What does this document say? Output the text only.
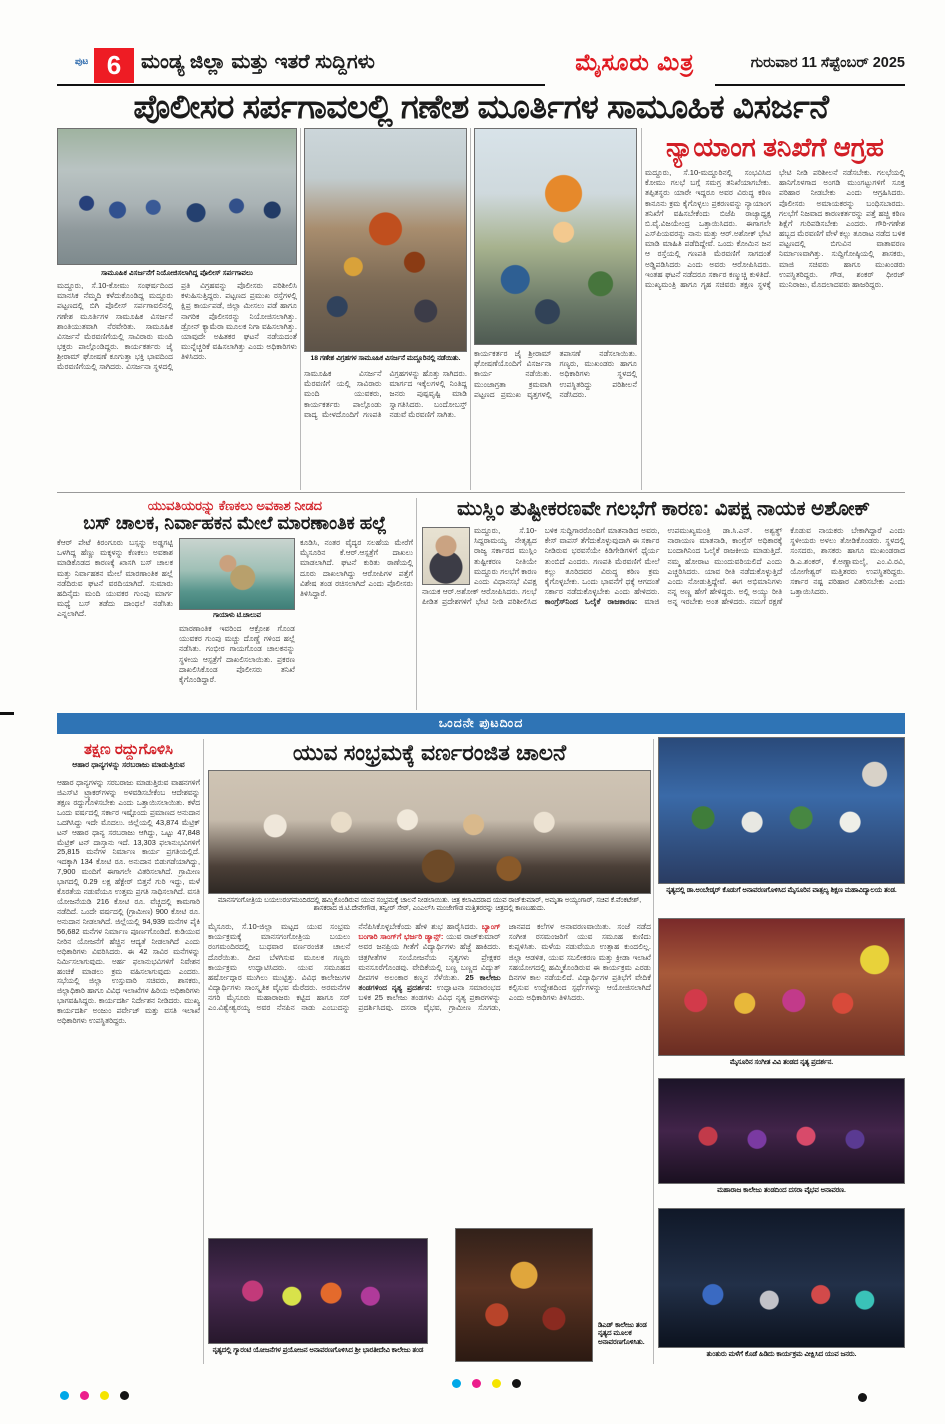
ಪುಟ 6 ಮಂಡ್ಯ ಜಿಲ್ಲಾ ಮತ್ತು ಇತರೆ ಸುದ್ದಿಗಳು	ಮೈಸೂರು ಮಿತ್ರ	ಗುರುವಾರ 11 ಸೆಪ್ಟೆಂಬರ್ 2025
ಪೊಲೀಸರ ಸರ್ಪಗಾವಲಲ್ಲಿ ಗಣೇಶ ಮೂರ್ತಿಗಳ ಸಾಮೂಹಿಕ ವಿಸರ್ಜನೆ
ಸಾಮೂಹಿಕ ವಿಸರ್ಜನೆಗೆ ನಿಯೋಜಿಸಲಾಗಿದ್ದ ಪೊಲೀಸ್ ಸರ್ಪಗಾವಲು
ಮದ್ದೂರು, ಸೆ.10-ಕೋಮು ಸಂಘರ್ಷದಿಂದ ಮಾನಸಿಕ ನೆಮ್ಮದಿ ಕಳೆದುಕೊಂಡಿದ್ದ ಮದ್ದೂರು ಪಟ್ಟಣದಲ್ಲಿ ಬಿಗಿ ಪೊಲೀಸ್ ಸರ್ಪಗಾವಲಿನಲ್ಲಿ ಗಣೇಶ ಮೂರ್ತಿಗಳ ಸಾಮೂಹಿಕ ವಿಸರ್ಜನೆ ಶಾಂತಿಯುತವಾಗಿ ನೆರವೇರಿತು. ಸಾಮೂಹಿಕ ವಿಸರ್ಜನೆ ಮೆರವಣಿಗೆಯಲ್ಲಿ ಸಾವಿರಾರು ಮಂದಿ ಭಕ್ತರು ಪಾಲ್ಗೊಂಡಿದ್ದರು. ಕಾರ್ಯಕರ್ತರು ಜೈ ಶ್ರೀರಾಮ್ ಘೋಷಣೆ ಕೂಗುತ್ತಾ ಭಕ್ತಿ ಭಾವದಿಂದ ಮೆರವಣಿಗೆಯಲ್ಲಿ ಸಾಗಿದರು. ವಿಸರ್ಜನಾ ಸ್ಥಳದಲ್ಲಿ ಪ್ರತಿ ವಿಗ್ರಹವನ್ನು ಪೊಲೀಸರು ಪರಿಶೀಲಿಸಿ ಕಳುಹಿಸುತ್ತಿದ್ದರು. ಪಟ್ಟಣದ ಪ್ರಮುಖ ರಸ್ತೆಗಳಲ್ಲಿ ಕ್ಷಿಪ್ರ ಕಾರ್ಯಪಡೆ, ಜಿಲ್ಲಾ ಮೀಸಲು ಪಡೆ ಹಾಗೂ ನಾಗರಿಕ ಪೊಲೀಸರನ್ನು ನಿಯೋಜಿಸಲಾಗಿತ್ತು. ಡ್ರೋನ್ ಕ್ಯಾಮೆರಾ ಮೂಲಕ ನಿಗಾ ವಹಿಸಲಾಗಿತ್ತು. ಯಾವುದೇ ಅಹಿತಕರ ಘಟನೆ ನಡೆಯದಂತೆ ಮುನ್ನೆಚ್ಚರಿಕೆ ವಹಿಸಲಾಗಿತ್ತು ಎಂದು ಅಧಿಕಾರಿಗಳು ತಿಳಿಸಿದರು.	18 ಗಣೇಶ ವಿಗ್ರಹಗಳ ಸಾಮೂಹಿಕ ವಿಸರ್ಜನೆ ಮದ್ದೂರಿನಲ್ಲಿ ನಡೆಯಿತು.
ಸಾಮೂಹಿಕ ವಿಸರ್ಜನೆ ಮೆರವಣಿಗೆ ಯಲ್ಲಿ ಸಾವಿರಾರು ಮಂದಿ ಯುವಕರು, ಕಾರ್ಯಕರ್ತರು ಪಾಲ್ಗೊಂಡು ವಾದ್ಯ ಮೇಳದೊಂದಿಗೆ ಗಣಪತಿ ವಿಗ್ರಹಗಳನ್ನು ಹೊತ್ತು ಸಾಗಿದರು. ಮಾರ್ಗದ ಇಕ್ಕೆಲಗಳಲ್ಲಿ ನಿಂತಿದ್ದ ಜನರು ಪುಷ್ಪವೃಷ್ಟಿ ಮಾಡಿ ಸ್ವಾಗತಿಸಿದರು. ಬಂದೋಬಸ್ತ್ ನಡುವೆ ಮೆರವಣಿಗೆ ಸಾಗಿತು.
ಕಾರ್ಯಕರ್ತರ ಜೈ ಶ್ರೀರಾಮ್ ಘೋಷಣೆಯೊಂದಿಗೆ ವಿಸರ್ಜನಾ ಕಾರ್ಯ ನಡೆಯಿತು. ಮುಂಜಾಗ್ರತಾ ಕ್ರಮವಾಗಿ ಪಟ್ಟಣದ ಪ್ರಮುಖ ವೃತ್ತಗಳಲ್ಲಿ ತಪಾಸಣೆ ನಡೆಸಲಾಯಿತು. ಗಣ್ಯರು, ಮುಖಂಡರು ಹಾಗೂ ಅಧಿಕಾರಿಗಳು ಸ್ಥಳದಲ್ಲಿ ಉಪಸ್ಥಿತರಿದ್ದು ಪರಿಶೀಲನೆ ನಡೆಸಿದರು.
ನ್ಯಾಯಾಂಗ ತನಿಖೆಗೆ ಆಗ್ರಹ
ಮದ್ದೂರು, ಸೆ.10-ಮದ್ದೂರಿನಲ್ಲಿ ಸಂಭವಿಸಿದ ಕೋಮು ಗಲಭೆ ಬಗ್ಗೆ ಸಮಗ್ರ ತನಿಖೆಯಾಗಬೇಕು. ತಪ್ಪಿತಸ್ಥರು ಯಾರೇ ಇದ್ದರೂ ಅವರ ವಿರುದ್ಧ ಕಠಿಣ ಕಾನೂನು ಕ್ರಮ ಕೈಗೊಳ್ಳಲು ಪ್ರಕರಣವನ್ನು ನ್ಯಾಯಾಂಗ ತನಿಖೆಗೆ ವಹಿಸಬೇಕೆಂದು ಬಿಜೆಪಿ ರಾಜ್ಯಾಧ್ಯಕ್ಷ ಬಿ.ವೈ.ವಿಜಯೇಂದ್ರ ಒತ್ತಾಯಿಸಿದರು. ಈಗಾಗಲೇ ಎಸ್‌ಪಿಯವರನ್ನು ನಾನು ಮತ್ತು ಆರ್.ಅಶೋಕ್ ಭೇಟಿ ಮಾಡಿ ಮಾಹಿತಿ ಪಡೆದಿದ್ದೇವೆ. ಒಂದು ಕೋಮಿನ ಜನ ಆ ರಸ್ತೆಯಲ್ಲಿ ಗಣಪತಿ ಮೆರವಣಿಗೆ ಸಾಗದಂತೆ ಅಡ್ಡಿಪಡಿಸಿದರು ಎಂದು ಅವರು ಆರೋಪಿಸಿದರು. ಇಂತಹ ಘಟನೆ ನಡೆದರೂ ಸರ್ಕಾರ ಕಣ್ಮುಚ್ಚಿ ಕುಳಿತಿದೆ. ಮುಖ್ಯಮಂತ್ರಿ ಹಾಗೂ ಗೃಹ ಸಚಿವರು ತಕ್ಷಣ ಸ್ಥಳಕ್ಕೆ ಭೇಟಿ ನೀಡಿ ಪರಿಶೀಲನೆ ನಡೆಸಬೇಕು. ಗಲಭೆಯಲ್ಲಿ ಹಾನಿಗೊಳಗಾದ ಅಂಗಡಿ ಮುಂಗಟ್ಟುಗಳಿಗೆ ಸೂಕ್ತ ಪರಿಹಾರ ನೀಡಬೇಕು ಎಂದು ಆಗ್ರಹಿಸಿದರು. ಪೊಲೀಸರು ಅಮಾಯಕರನ್ನು ಬಂಧಿಸಬಾರದು. ಗಲಭೆಗೆ ನಿಜವಾದ ಕಾರಣಕರ್ತರನ್ನು ಪತ್ತೆ ಹಚ್ಚಿ ಕಠಿಣ ಶಿಕ್ಷೆಗೆ ಗುರಿಪಡಿಸಬೇಕು ಎಂದರು. ಗೌರಿ-ಗಣೇಶ ಹಬ್ಬದ ಮೆರವಣಿಗೆ ವೇಳೆ ಕಲ್ಲು ತೂರಾಟ ನಡೆದ ಬಳಿಕ ಪಟ್ಟಣದಲ್ಲಿ ಬಿಗುವಿನ ವಾತಾವರಣ ನಿರ್ಮಾಣವಾಗಿತ್ತು. ಸುದ್ದಿಗೋಷ್ಠಿಯಲ್ಲಿ ಶಾಸಕರು, ಮಾಜಿ ಸಚಿವರು ಹಾಗೂ ಮುಖಂಡರು ಉಪಸ್ಥಿತರಿದ್ದರು. ಗೌಡ, ಶಂಕರ್ ಧೀರಜ್ ಮುನಿರಾಜು, ಮೊದಲಾದವರು ಹಾಜರಿದ್ದರು.
ಯುವತಿಯರನ್ನು ಕೆಣಕಲು ಅವಕಾಶ ನೀಡದ
ಬಸ್ ಚಾಲಕ, ನಿರ್ವಾಹಕನ ಮೇಲೆ ಮಾರಣಾಂತಿಕ ಹಲ್ಲೆ
ಕೆಆರ್ ಪೇಟೆ ಕಿರಂಗೂರು ಬಸ್ಸನ್ನು ಅಡ್ಡಗಟ್ಟಿ ಒಳಗಿದ್ದ ಹೆಣ್ಣು ಮಕ್ಕಳನ್ನು ಕೆಣಕಲು ಅವಕಾಶ ಮಾಡಿಕೊಡದ ಕಾರಣಕ್ಕೆ ಖಾಸಗಿ ಬಸ್ ಚಾಲಕ ಮತ್ತು ನಿರ್ವಾಹಕನ ಮೇಲೆ ಮಾರಣಾಂತಿಕ ಹಲ್ಲೆ ನಡೆದಿರುವ ಘಟನೆ ವರದಿಯಾಗಿದೆ. ಸುಮಾರು ಹದಿನೈದು ಮಂದಿ ಯುವಕರ ಗುಂಪು ಮಾರ್ಗ ಮಧ್ಯೆ ಬಸ್ ತಡೆದು ದಾಂಧಲೆ ನಡೆಸಿತು ಎನ್ನಲಾಗಿದೆ.	ಗಾಯಾಳು ಟಿ.ಚಾಲುವ
ಮಾರಣಾಂತಿಕ ಇವರಿಂದ ಆಕ್ರೋಶ ಗೊಂಡ ಯುವಕರ ಗುಂಪು ಮಚ್ಚು ದೊಣ್ಣೆ ಗಳಿಂದ ಹಲ್ಲೆ ನಡೆಸಿತು. ಗಂಭೀರ ಗಾಯಗೊಂಡ ಚಾಲಕನನ್ನು ಸ್ಥಳೀಯ ಆಸ್ಪತ್ರೆಗೆ ದಾಖಲಿಸಲಾಯಿತು. ಪ್ರಕರಣ ದಾಖಲಿಸಿಕೊಂಡ ಪೊಲೀಸರು ತನಿಖೆ ಕೈಗೊಂಡಿದ್ದಾರೆ.
ಕೂಡಿಸಿ, ನಂತರ ವೈದ್ಯರ ಸಲಹೆಯ ಮೇರೆಗೆ ಮೈಸೂರಿನ ಕೆ.ಆರ್.ಆಸ್ಪತ್ರೆಗೆ ದಾಖಲು ಮಾಡಲಾಗಿದೆ. ಘಟನೆ ಕುರಿತು ಠಾಣೆಯಲ್ಲಿ ದೂರು ದಾಖಲಾಗಿದ್ದು ಆರೋಪಿಗಳ ಪತ್ತೆಗೆ ವಿಶೇಷ ತಂಡ ರಚಿಸಲಾಗಿದೆ ಎಂದು ಪೊಲೀಸರು ತಿಳಿಸಿದ್ದಾರೆ.
ಮುಸ್ಲಿಂ ತುಷ್ಟೀಕರಣವೇ ಗಲಭೆಗೆ ಕಾರಣ: ವಿಪಕ್ಷ ನಾಯಕ ಅಶೋಕ್
ಮದ್ದೂರು, ಸೆ.10-ಸಿದ್ದರಾಮಯ್ಯ ನೇತೃತ್ವದ ರಾಜ್ಯ ಸರ್ಕಾರದ ಮುಸ್ಲಿಂ ತುಷ್ಟೀಕರಣ ನೀತಿಯೇ ಮದ್ದೂರು ಗಲಭೆಗೆ ಕಾರಣ ಎಂದು ವಿಧಾನಸಭೆ ವಿಪಕ್ಷ ನಾಯಕ ಆರ್.ಅಶೋಕ್ ಆರೋಪಿಸಿದರು. ಗಲಭೆ ಪೀಡಿತ ಪ್ರದೇಶಗಳಿಗೆ ಭೇಟಿ ನೀಡಿ ಪರಿಶೀಲಿಸಿದ ಬಳಿಕ ಸುದ್ದಿಗಾರರೊಂದಿಗೆ ಮಾತನಾಡಿದ ಅವರು, ಕೇಸ್ ವಾಪಸ್ ತೆಗೆದುಕೊಳ್ಳುವುದಾಗಿ ಈ ಸರ್ಕಾರ ನೀಡಿರುವ ಭರವಸೆಯೇ ಕಿಡಿಗೇಡಿಗಳಿಗೆ ಧೈರ್ಯ ತುಂಬಿದೆ ಎಂದರು. ಗಣಪತಿ ಮೆರವಣಿಗೆ ಮೇಲೆ ಕಲ್ಲು ತೂರಿದವರ ವಿರುದ್ಧ ಕಠಿಣ ಕ್ರಮ ಕೈಗೊಳ್ಳಬೇಕು. ಒಂದು ಭಾವನೆಗೆ ಧಕ್ಕೆ ಆಗದಂತೆ ಸರ್ಕಾರ ನಡೆದುಕೊಳ್ಳಬೇಕು ಎಂದು ಹೇಳಿದರು. ಕಾಂಗ್ರೆಸ್‌ನಿಂದ ಓಲೈಕೆ ರಾಜಕಾರಣ: ಮಾಜಿ ಉಪಮುಖ್ಯಮಂತ್ರಿ ಡಾ.ಸಿ.ಎನ್. ಅಶ್ವತ್ಥ್ ನಾರಾಯಣ ಮಾತನಾಡಿ, ಕಾಂಗ್ರೆಸ್ ಅಧಿಕಾರಕ್ಕೆ ಬಂದಾಗಿನಿಂದ ಓಲೈಕೆ ರಾಜಕೀಯ ಮಾಡುತ್ತಿದೆ. ನಮ್ಮ ಹೋರಾಟ ಮುಂದುವರಿಯಲಿದೆ ಎಂದು ಎಚ್ಚರಿಸಿದರು. ಯಾವ ರೀತಿ ನಡೆದುಕೊಳ್ಳುತ್ತಿದೆ ಎಂದು ನೋಡುತ್ತಿದ್ದೇವೆ. ಈಗ ಅಭಿಮಾನಿಗಳು ನನ್ನ ಅಣ್ಣ ಹೇಗೆ ಹೇಳಿದ್ದರು. ಅಲ್ಲಿ ಅಯ್ಯು ರೀತಿ ಅನ್ನ ಇರಬೇಕು ಅಂತ ಹೇಳಿದರು. ನಮಗೆ ರಕ್ಷಣೆ ಕೊಡುವ ನಾಯಕರು ಬೇಕಾಗಿದ್ದಾರೆ ಎಂದು ಸ್ಥಳೀಯರು ಅಳಲು ತೋಡಿಕೊಂಡರು. ಸ್ಥಳದಲ್ಲಿ ಸಂಸದರು, ಶಾಸಕರು ಹಾಗೂ ಮುಖಂಡರಾದ ಡಿ.ಎ.ಶಂಕರ್, ಕೆ.ಅಣ್ಣಾಮಲೈ, ಎಂ.ವಿ.ರವಿ, ಯೋಗೇಶ್ವರ್ ಮತ್ತಿತರರು ಉಪಸ್ಥಿತರಿದ್ದರು. ಸರ್ಕಾರ ನಷ್ಟ ಪರಿಹಾರ ವಿತರಿಸಬೇಕು ಎಂದು ಒತ್ತಾಯಿಸಿದರು.
ಒಂದನೇ ಪುಟದಿಂದ
ತಕ್ಷಣ ರದ್ದುಗೊಳಿಸಿ
ಆಹಾರ ಧಾನ್ಯಗಳನ್ನು ಸರಬರಾಜು ಮಾಡುತ್ತಿರುವ
ಆಹಾರ ಧಾನ್ಯಗಳನ್ನು ಸರಬರಾಜು ಮಾಡುತ್ತಿರುವ ವಾಹನಗಳಿಗೆ ಜಿಎಸ್‌ಟಿ ಟ್ರ್ಯಾಕರ್‌ಗಳನ್ನು ಅಳವಡಿಸಬೇಕೆಂಬ ಆದೇಶವನ್ನು ತಕ್ಷಣ ರದ್ದುಗೊಳಿಸಬೇಕು ಎಂದು ಒತ್ತಾಯಿಸಲಾಯಿತು. ಕಳೆದ ಒಂದು ವರ್ಷದಲ್ಲಿ ಸರ್ಕಾರ ಇಷ್ಟೊಂದು ಪ್ರಮಾಣದ ಅನುದಾನ ಒದಗಿಸಿದ್ದು ಇದೇ ಮೊದಲು. ಜಿಲ್ಲೆಯಲ್ಲಿ 43,874 ಮೆಟ್ರಿಕ್ ಟನ್ ಆಹಾರ ಧಾನ್ಯ ಸರಬರಾಜು ಆಗಿದ್ದು, ಒಟ್ಟು 47,848 ಮೆಟ್ರಿಕ್ ಟನ್ ದಾಸ್ತಾನು ಇದೆ. 13,303 ಫಲಾನುಭವಿಗಳಿಗೆ 25,815 ಮನೆಗಳ ನಿರ್ಮಾಣ ಕಾರ್ಯ ಪ್ರಗತಿಯಲ್ಲಿದೆ. ಇದಕ್ಕಾಗಿ 134 ಕೋಟಿ ರೂ. ಅನುದಾನ ಬಿಡುಗಡೆಯಾಗಿದ್ದು, 7,900 ಮಂದಿಗೆ ಈಗಾಗಲೇ ವಿತರಿಸಲಾಗಿದೆ. ಗ್ರಾಮೀಣ ಭಾಗದಲ್ಲಿ 0.29 ಲಕ್ಷ ಹೆಕ್ಟೇರ್ ಬಿತ್ತನೆ ಗುರಿ ಇದ್ದು, ಮಳೆ ಕೊರತೆಯ ನಡುವೆಯೂ ಉತ್ತಮ ಪ್ರಗತಿ ಸಾಧಿಸಲಾಗಿದೆ. ವಸತಿ ಯೋಜನೆಯಡಿ 216 ಕೋಟಿ ರೂ. ವೆಚ್ಚದಲ್ಲಿ ಕಾಮಗಾರಿ ನಡೆದಿದೆ. ಒಂದೇ ವರ್ಷದಲ್ಲಿ (ಗ್ರಾಮೀಣ) 900 ಕೋಟಿ ರೂ. ಅನುದಾನ ನೀಡಲಾಗಿದೆ. ಜಿಲ್ಲೆಯಲ್ಲಿ 94,939 ಮನೆಗಳ ಪೈಕಿ 56,682 ಮನೆಗಳ ನಿರ್ಮಾಣ ಪೂರ್ಣಗೊಂಡಿದೆ. ಕುಡಿಯುವ ನೀರಿನ ಯೋಜನೆಗೆ ಹೆಚ್ಚಿನ ಆದ್ಯತೆ ನೀಡಲಾಗಿದೆ ಎಂದು ಅಧಿಕಾರಿಗಳು ವಿವರಿಸಿದರು. ಈ 42 ಸಾವಿರ ಮನೆಗಳನ್ನು ನಿರ್ಮಿಸಲಾಗುವುದು. ಅರ್ಹ ಫಲಾನುಭವಿಗಳಿಗೆ ನಿವೇಶನ ಹಂಚಿಕೆ ಮಾಡಲು ಕ್ರಮ ವಹಿಸಲಾಗುವುದು ಎಂದರು. ಸಭೆಯಲ್ಲಿ ಜಿಲ್ಲಾ ಉಸ್ತುವಾರಿ ಸಚಿವರು, ಶಾಸಕರು, ಜಿಲ್ಲಾಧಿಕಾರಿ ಹಾಗೂ ವಿವಿಧ ಇಲಾಖೆಗಳ ಹಿರಿಯ ಅಧಿಕಾರಿಗಳು ಭಾಗವಹಿಸಿದ್ದರು. ಕಾರ್ಯದರ್ಶಿ ನಿರ್ದೇಶನ ನೀಡಿದರು. ಮುಖ್ಯ ಕಾರ್ಯದರ್ಶಿ ಅಂಜುಂ ಪರ್ವೇಜ್ ಮತ್ತು ವಸತಿ ಇಲಾಖೆ ಅಧಿಕಾರಿಗಳು ಉಪಸ್ಥಿತರಿದ್ದರು.
ಯುವ ಸಂಭ್ರಮಕ್ಕೆ ವರ್ಣರಂಜಿತ ಚಾಲನೆ
ಮಾನಸಗಂಗೋತ್ರಿಯ ಬಯಲುರಂಗಮಂದಿರದಲ್ಲಿ ಹಮ್ಮಿಕೊಂಡಿರುವ ಯುವ ಸಂಭ್ರಮಕ್ಕೆ ಚಾಲನೆ ನೀಡಲಾಯಿತು. ಚಿತ್ರ ಕಲಾವಿದರಾದ ಯುವ ರಾಜ್‌ಕುಮಾರ್, ಅಮೃತಾ ಅಯ್ಯಂಗಾರ್, ಸಚಿವ ಕೆ.ವೆಂಕಟೇಶ್, ಶಾಸಕರಾದ ಜಿ.ಟಿ.ದೇವೇಗೌಡ, ತನ್ವೀರ್ ಸೇಠ್, ಎಂಎಲ್‌ಸಿ ಮಂಜೇಗೌಡ ಮತ್ತಿತರರನ್ನು ಚಿತ್ರದಲ್ಲಿ ಕಾಣಬಹುದು.
ಮೈಸೂರು, ಸೆ.10-ಜಿಲ್ಲಾ ಮಟ್ಟದ ಯುವ ಸಂಭ್ರಮ ಕಾರ್ಯಕ್ರಮಕ್ಕೆ ಮಾನಸಗಂಗೋತ್ರಿಯ ಬಯಲು ರಂಗಮಂದಿರದಲ್ಲಿ ಬುಧವಾರ ವರ್ಣರಂಜಿತ ಚಾಲನೆ ದೊರೆಯಿತು. ದೀಪ ಬೆಳಗಿಸುವ ಮೂಲಕ ಗಣ್ಯರು ಕಾರ್ಯಕ್ರಮ ಉದ್ಘಾಟಿಸಿದರು. ಯುವ ಸಮೂಹದ ಹರ್ಷೋದ್ಗಾರ ಮುಗಿಲು ಮುಟ್ಟಿತ್ತು. ವಿವಿಧ ಕಾಲೇಜುಗಳ ವಿದ್ಯಾರ್ಥಿಗಳು ಸಾಂಸ್ಕೃತಿಕ ವೈಭವ ಮೆರೆದರು. ಅರಮನೆಗಳ ನಗರಿ ಮೈಸೂರು ಮಹಾರಾಜರು ಕಟ್ಟಿದ ಹಾಗೂ ಸರ್ ಎಂ.ವಿಶ್ವೇಶ್ವರಯ್ಯ ಅವರ ನೆನಪಿನ ನಾಡು ಎಂಬುದನ್ನು ನೆನೆಪಿಸಿಕೊಳ್ಳಬೇಕೆಂದು ಹೇಳಿ ಶುಭ ಹಾರೈಸಿದರು. ಬ್ಯಾಂಗ್ ಬಂಗಾರಿ ಸಾಂಗ್‌ಗೆ ಭರ್ಜರಿ ಡ್ಯಾನ್ಸ್: ಯುವ ರಾಜ್‌ಕುಮಾರ್ ಅವರ ಜನಪ್ರಿಯ ಗೀತೆಗೆ ವಿದ್ಯಾರ್ಥಿಗಳು ಹೆಜ್ಜೆ ಹಾಕಿದರು. ಚಿತ್ರಗೀತೆಗಳ ಸಂಯೋಜನೆಯ ನೃತ್ಯಗಳು ಪ್ರೇಕ್ಷಕರ ಮನಸೂರೆಗೊಂಡವು. ವೇದಿಕೆಯಲ್ಲಿ ಬಣ್ಣ ಬಣ್ಣದ ವಿದ್ಯುತ್ ದೀಪಗಳ ಅಲಂಕಾರ ಕಣ್ಮನ ಸೆಳೆಯಿತು. 25 ಕಾಲೇಜು ತಂಡಗಳಿಂದ ನೃತ್ಯ ಪ್ರದರ್ಶನ: ಉದ್ಘಾಟನಾ ಸಮಾರಂಭದ ಬಳಿಕ 25 ಕಾಲೇಜು ತಂಡಗಳು ವಿವಿಧ ನೃತ್ಯ ಪ್ರಕಾರಗಳನ್ನು ಪ್ರದರ್ಶಿಸಿದವು. ದಸರಾ ವೈಭವ, ಗ್ರಾಮೀಣ ಸೊಗಡು, ಜಾನಪದ ಕಲೆಗಳ ಅನಾವರಣವಾಯಿತು. ಸಂಜೆ ನಡೆದ ಸಂಗೀತ ರಸಮಂಜರಿಗೆ ಯುವ ಸಮೂಹ ಕುಣಿದು ಕುಪ್ಪಳಿಸಿತು. ಮಳೆಯ ನಡುವೆಯೂ ಉತ್ಸಾಹ ಕುಂದಲಿಲ್ಲ. ಜಿಲ್ಲಾ ಆಡಳಿತ, ಯುವ ಸಬಲೀಕರಣ ಮತ್ತು ಕ್ರೀಡಾ ಇಲಾಖೆ ಸಹಯೋಗದಲ್ಲಿ ಹಮ್ಮಿಕೊಂಡಿರುವ ಈ ಕಾರ್ಯಕ್ರಮ ಎರಡು ದಿನಗಳ ಕಾಲ ನಡೆಯಲಿದೆ. ವಿದ್ಯಾರ್ಥಿಗಳ ಪ್ರತಿಭೆಗೆ ವೇದಿಕೆ ಕಲ್ಪಿಸುವ ಉದ್ದೇಶದಿಂದ ಸ್ಪರ್ಧೆಗಳನ್ನು ಆಯೋಜಿಸಲಾಗಿದೆ ಎಂದು ಅಧಿಕಾರಿಗಳು ತಿಳಿಸಿದರು.
ನೃತ್ಯದಲ್ಲಿ ಗ್ಯಾರಂಟಿ ಯೋಜನೆಗಳ ಪ್ರಯೋಜನ ಅನಾವರಣಗೊಳಿಸಿದ ಶ್ರೀ ಭಾರತೀದೇವಿ ಕಾಲೇಜು ತಂಡ
ಡಿಎಡ್ ಕಾಲೇಜು ತಂಡ ನೃತ್ಯದ ಮೂಲಕ ಅನಾವರಣಗೊಳಿಸಿತು.
ನೃತ್ಯದಲ್ಲಿ ಡಾ.ಅಂಬೇಡ್ಕರ್ ಕೊಡುಗೆ ಅನಾವರಣಗೊಳಿಸಿದ ಮೈಸೂರಿನ ವಾತ್ಸಲ್ಯ ಶಿಕ್ಷಣ ಮಹಾವಿದ್ಯಾಲಯ ತಂಡ.
ಮೈಸೂರಿನ ಸಂಗೀತ ವಿವಿ ತಂಡದ ನೃತ್ಯ ಪ್ರದರ್ಶನ.
ಮಹಾರಾಜ ಕಾಲೇಜು ತಂಡದಿಂದ ದಸರಾ ವೈಭವ ಅನಾವರಣ.
ತುಂತುರು ಮಳೆಗೆ ಕೊಡೆ ಹಿಡಿದು ಕಾರ್ಯಕ್ರಮ ವೀಕ್ಷಿಸಿದ ಯುವ ಜನರು.
